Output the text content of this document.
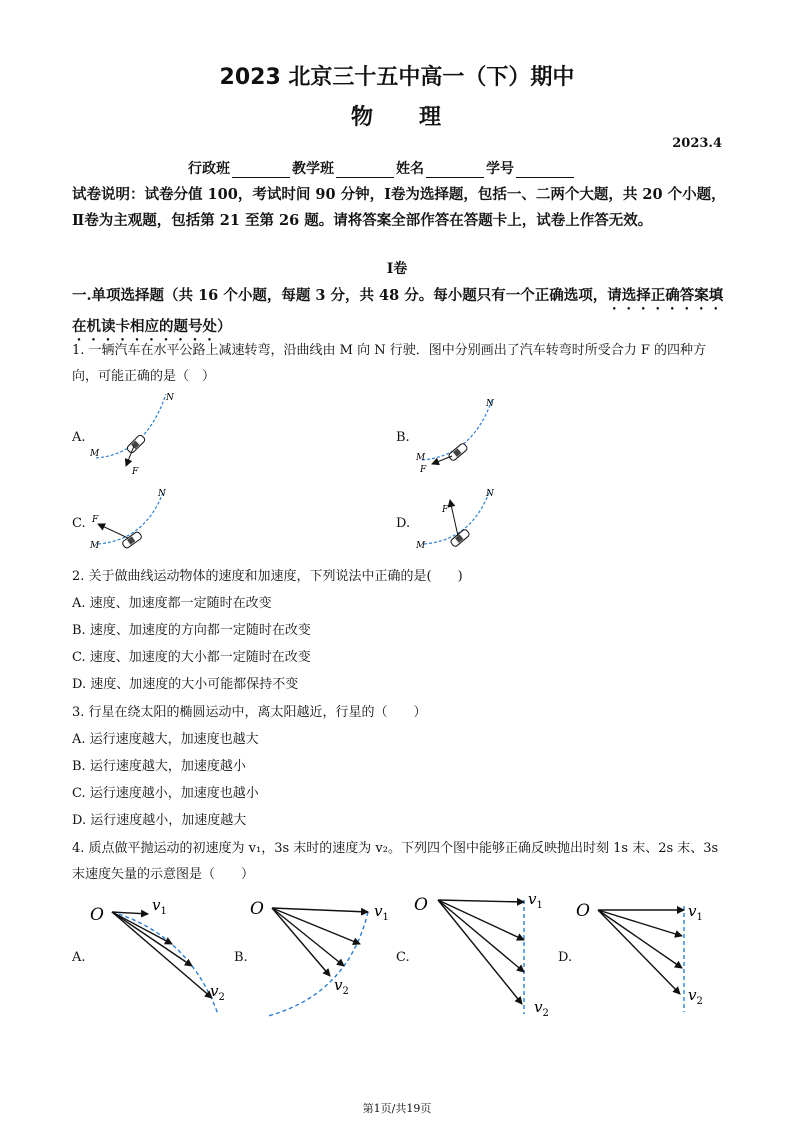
2023 北京三十五中高一（下）期中
物 理
2023.4
行政班	教学班	姓名	学号
试卷说明：试卷分值 100，考试时间 90 分钟，Ⅰ卷为选择题，包括一、二两个大题，共 20 个小题，Ⅱ卷为主观题，包括第 21 至第 26 题。请将答案全部作答在答题卡上，试卷上作答无效。
Ⅰ卷
一.单项选择题（共 16 个小题，每题 3 分，共 48 分。每小题只有一个正确选项，请选择正确答案填在机读卡相应的题号处）
1. 一辆汽车在水平公路上减速转弯，沿曲线由 M 向 N 行驶．图中分别画出了汽车转弯时所受合力 F 的四种方向，可能正确的是（　）
A.	B.
C.	D.
N
M
F
N
M
F
N
M
F
N
M
F
2. 关于做曲线运动物体的速度和加速度，下列说法中正确的是(　　)
A. 速度、加速度都一定随时在改变
B. 速度、加速度的方向都一定随时在改变
C. 速度、加速度的大小都一定随时在改变
D. 速度、加速度的大小可能都保持不变
3. 行星在绕太阳的椭圆运动中，离太阳越近，行星的（　　）
A. 运行速度越大，加速度也越大
B. 运行速度越大，加速度越小
C. 运行速度越小，加速度也越小
D. 运行速度越小，加速度越大
4. 质点做平抛运动的初速度为 v₁，3s 末时的速度为 v₂。下列四个图中能够正确反映抛出时刻 1s 末、2s 末、3s 末速度矢量的示意图是（　　）
A.	B.	C.	D.
O	$v_1$
$v_2$
O	$v_1$
$v_2$
O	$v_1$
$v_2$
O	$v_1$
$v_2$
第1页/共19页
